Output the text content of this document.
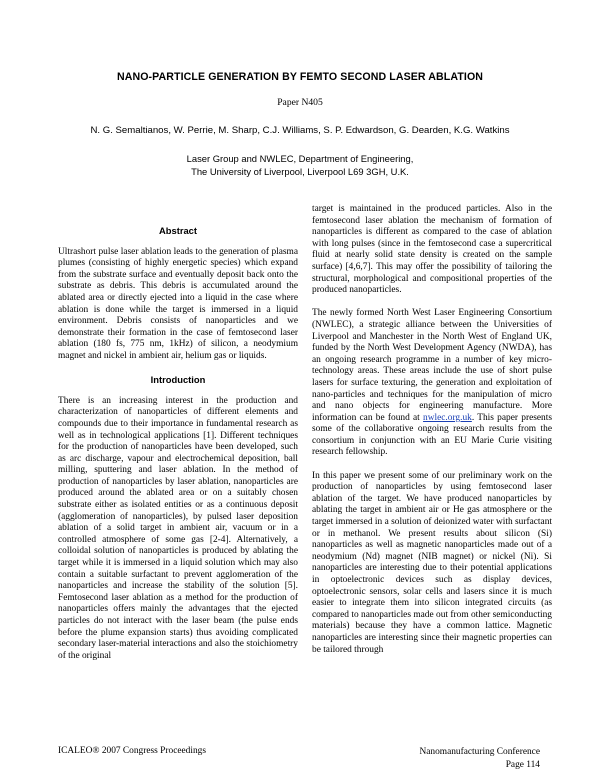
NANO-PARTICLE GENERATION BY FEMTO SECOND LASER ABLATION
Paper N405
N. G. Semaltianos, W. Perrie, M. Sharp, C.J. Williams, S. P. Edwardson, G. Dearden, K.G. Watkins
Laser Group and NWLEC, Department of Engineering,
The University of Liverpool, Liverpool L69 3GH, U.K.

Abstract

Ultrashort pulse laser ablation leads to the generation of plasma plumes (consisting of highly energetic species) which expand from the substrate surface and eventually deposit back onto the substrate as debris. This debris is accumulated around the ablated area or directly ejected into a liquid in the case where ablation is done while the target is immersed in a liquid environment. Debris consists of nanoparticles and we demonstrate their formation in the case of femtosecond laser ablation (180 fs, 775 nm, 1kHz) of silicon, a neodymium magnet and nickel in ambient air, helium gas or liquids.

Introduction

There is an increasing interest in the production and characterization of nanoparticles of different elements and compounds due to their importance in fundamental research as well as in technological applications [1]. Different techniques for the production of nanoparticles have been developed, such as arc discharge, vapour and electrochemical deposition, ball milling, sputtering and laser ablation. In the method of production of nanoparticles by laser ablation, nanoparticles are produced around the ablated area or on a suitably chosen substrate either as isolated entities or as a continuous deposit (agglomeration of nanoparticles), by pulsed laser deposition ablation of a solid target in ambient air, vacuum or in a controlled atmosphere of some gas [2-4]. Alternatively, a colloidal solution of nanoparticles is produced by ablating the target while it is immersed in a liquid solution which may also contain a suitable surfactant to prevent agglomeration of the nanoparticles and increase the stability of the solution [5]. Femtosecond laser ablation as a method for the production of nanoparticles offers mainly the advantages that the ejected particles do not interact with the laser beam (the pulse ends before the plume expansion starts) thus avoiding complicated secondary laser-material interactions and also the stoichiometry of the original

target is maintained in the produced particles. Also in the femtosecond laser ablation the mechanism of formation of nanoparticles is different as compared to the case of ablation with long pulses (since in the femtosecond case a supercritical fluid at nearly solid state density is created on the sample surface) [4,6,7]. This may offer the possibility of tailoring the structural, morphological and compositional properties of the produced nanoparticles.

The newly formed North West Laser Engineering Consortium (NWLEC), a strategic alliance between the Universities of Liverpool and Manchester in the North West of England UK, funded by the North West Development Agency (NWDA), has an ongoing research programme in a number of key micro-technology areas. These areas include the use of short pulse lasers for surface texturing, the generation and exploitation of nano-particles and techniques for the manipulation of micro and nano objects for engineering manufacture. More information can be found at nwlec.org.uk. This paper presents some of the collaborative ongoing research results from the consortium in conjunction with an EU Marie Curie visiting research fellowship.

In this paper we present some of our preliminary work on the production of nanoparticles by using femtosecond laser ablation of the target. We have produced nanoparticles by ablating the target in ambient air or He gas atmosphere or the target immersed in a solution of deionized water with surfactant or in methanol. We present results about silicon (Si) nanoparticles as well as magnetic nanoparticles made out of a neodymium (Nd) magnet (NIB magnet) or nickel (Ni). Si nanoparticles are interesting due to their potential applications in optoelectronic devices such as display devices, optoelectronic sensors, solar cells and lasers since it is much easier to integrate them into silicon integrated circuits (as compared to nanoparticles made out from other semiconducting materials) because they have a common lattice. Magnetic nanoparticles are interesting since their magnetic properties can be tailored through

ICALEO® 2007 Congress Proceedings	Nanomanufacturing Conference
Page 114
